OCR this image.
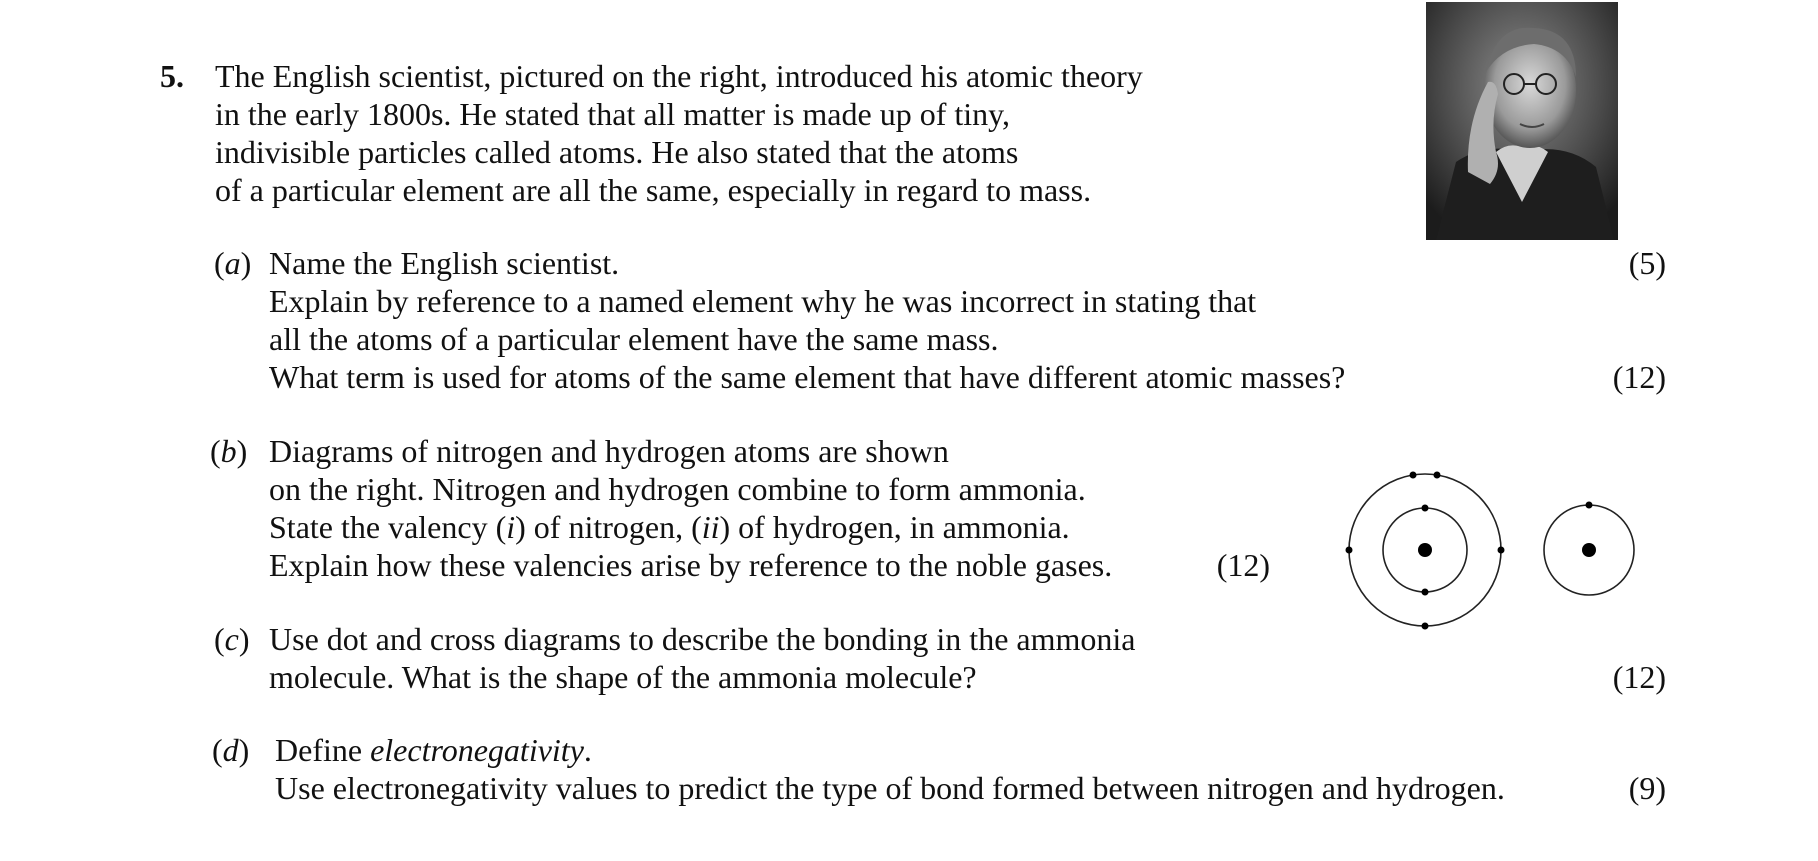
5. The English scientist, pictured on the right, introduced his atomic theory
in the early 1800s. He stated that all matter is made up of tiny,
indivisible particles called atoms. He also stated that the atoms
of a particular element are all the same, especially in regard to mass.
(a) Name the English scientist.
Explain by reference to a named element why he was incorrect in stating that
all the atoms of a particular element have the same mass.
What term is used for atoms of the same element that have different atomic masses?
(5)
(12)
(b) Diagrams of nitrogen and hydrogen atoms are shown
on the right. Nitrogen and hydrogen combine to form ammonia.
State the valency (i) of nitrogen, (ii) of hydrogen, in ammonia.
Explain how these valencies arise by reference to the noble gases.	(12)
(c) Use dot and cross diagrams to describe the bonding in the ammonia
molecule. What is the shape of the ammonia molecule?	(12)
(d) Define electronegativity.
Use electronegativity values to predict the type of bond formed between nitrogen and hydrogen.	(9)
